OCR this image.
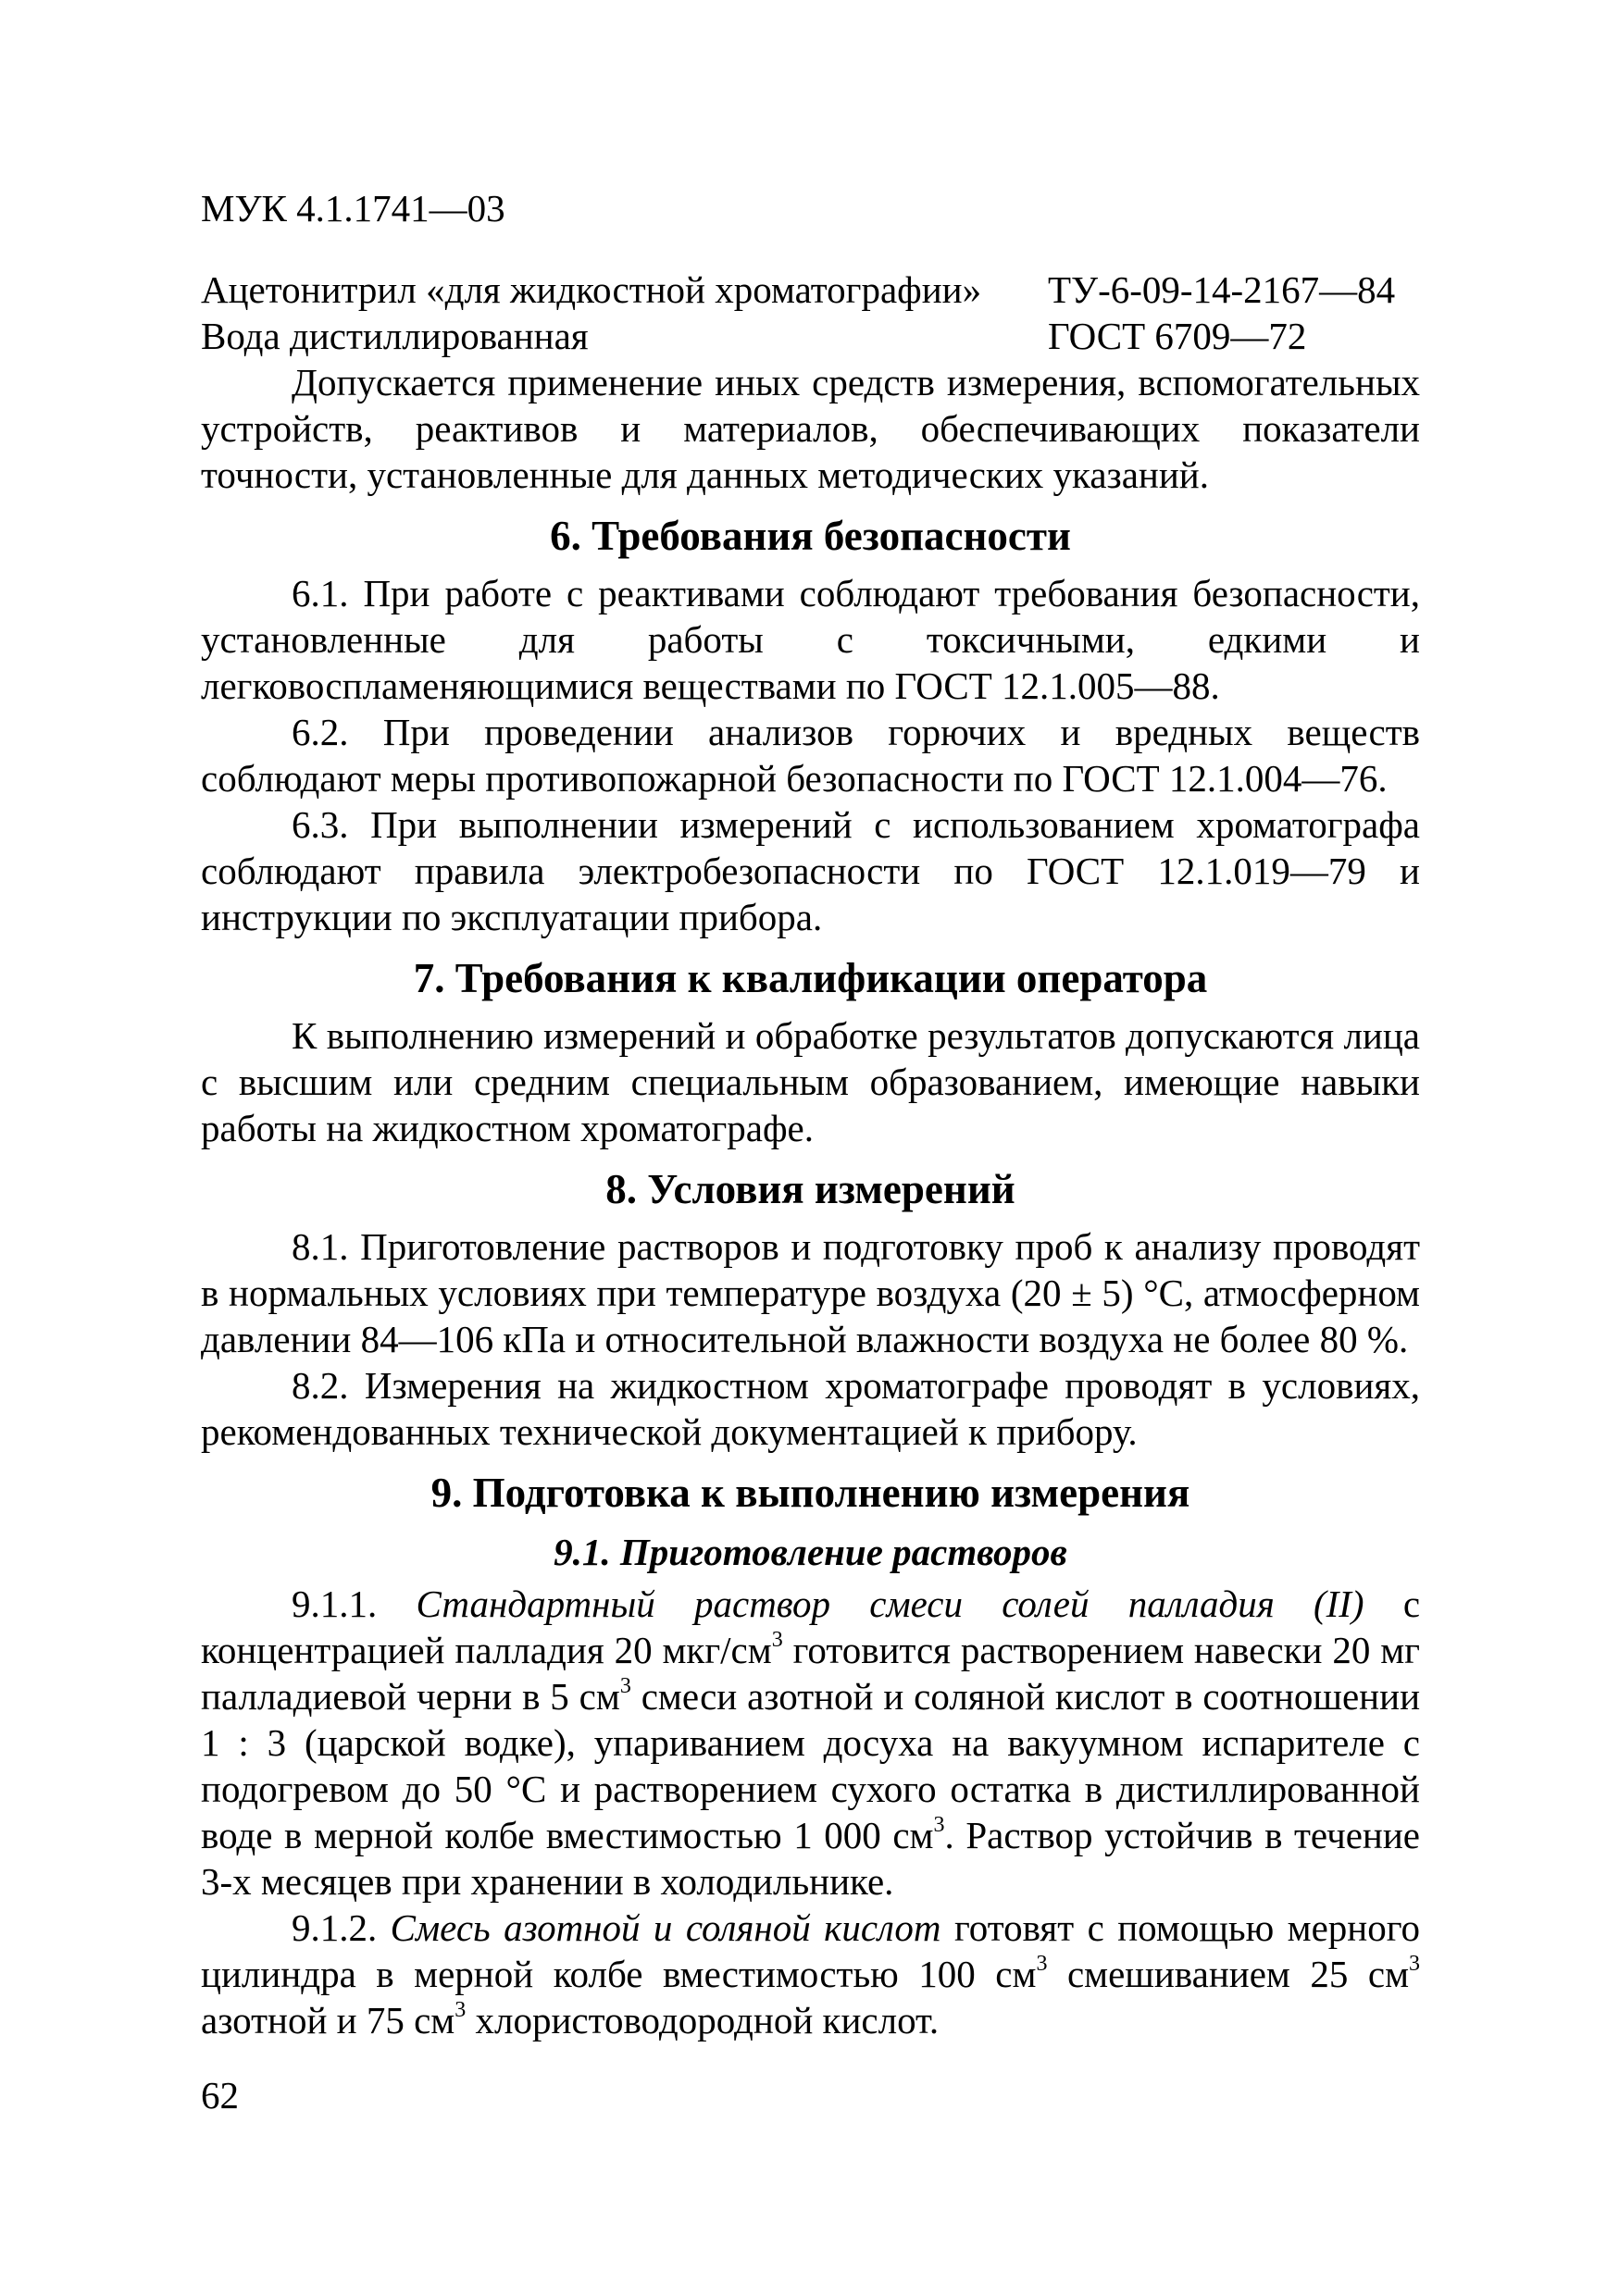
МУК 4.1.1741—03
Ацетонитрил «для жидкостной хроматографии» ТУ-6-09-14-2167—84
Вода дистиллированная	ГОСТ 6709—72

Допускается применение иных средств измерения, вспомогательных устройств, реактивов и материалов, обеспечивающих показатели точности, установленные для данных методических указаний.

6. Требования безопасности

6.1. При работе с реактивами соблюдают требования безопасности, установленные для работы с токсичными, едкими и легковоспламеняющимися веществами по ГОСТ 12.1.005—88.

6.2. При проведении анализов горючих и вредных веществ соблюдают меры противопожарной безопасности по ГОСТ 12.1.004—76.

6.3. При выполнении измерений с использованием хроматографа соблюдают правила электробезопасности по ГОСТ 12.1.019—79 и инструкции по эксплуатации прибора.

7. Требования к квалификации оператора

К выполнению измерений и обработке результатов допускаются лица с высшим или средним специальным образованием, имеющие навыки работы на жидкостном хроматографе.

8. Условия измерений

8.1. Приготовление растворов и подготовку проб к анализу проводят в нормальных условиях при температуре воздуха (20 ± 5) °С, атмосферном давлении 84—106 кПа и относительной влажности воздуха не более 80 %.

8.2. Измерения на жидкостном хроматографе проводят в условиях, рекомендованных технической документацией к прибору.

9. Подготовка к выполнению измерения
9.1. Приготовление растворов

9.1.1. Стандартный раствор смеси солей палладия (II) с концентрацией палладия 20 мкг/$см^3$ готовится растворением навески 20 мг палладиевой черни в 5 $см^3$ смеси азотной и соляной кислот в соотношении 1 : 3 (царской водке), упариванием досуха на вакуумном испарителе с подогревом до 50 °С и растворением сухого остатка в дистиллированной воде в мерной колбе вместимостью 1 000 $см^3$. Раствор устойчив в течение 3-х месяцев при хранении в холодильнике.

9.1.2. Смесь азотной и соляной кислот готовят с помощью мерного цилиндра в мерной колбе вместимостью 100 $см^3$ смешиванием 25 $см^3$ азотной и 75 $см^3$ хлористоводородной кислот.

62
